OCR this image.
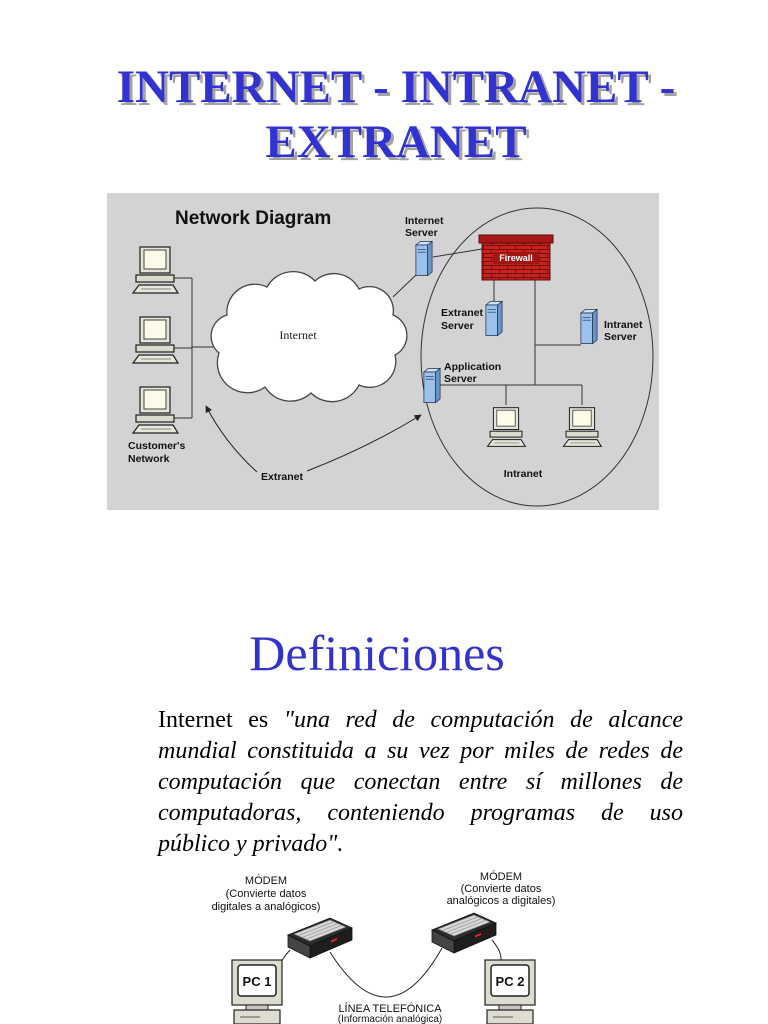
INTERNET - INTRANET -
EXTRANET
Network Diagram
Customer's
Network
Internet
Internet
Server
Firewall
Extranet
Server	Intranet
Server
Application
Server
Intranet
Extranet
Definiciones
Internet es "una red de computación de alcance
mundial constituida a su vez por miles de redes de
computación que conectan entre sí millones de
computadoras, conteniendo programas de uso
público y privado".
MÓDEM
(Convierte datos
digitales a analógicos)
MÓDEM
(Convierte datos
analógicos a digitales)
PC 1	PC 2
LÍNEA TELEFÓNICA
(Información analógica)
